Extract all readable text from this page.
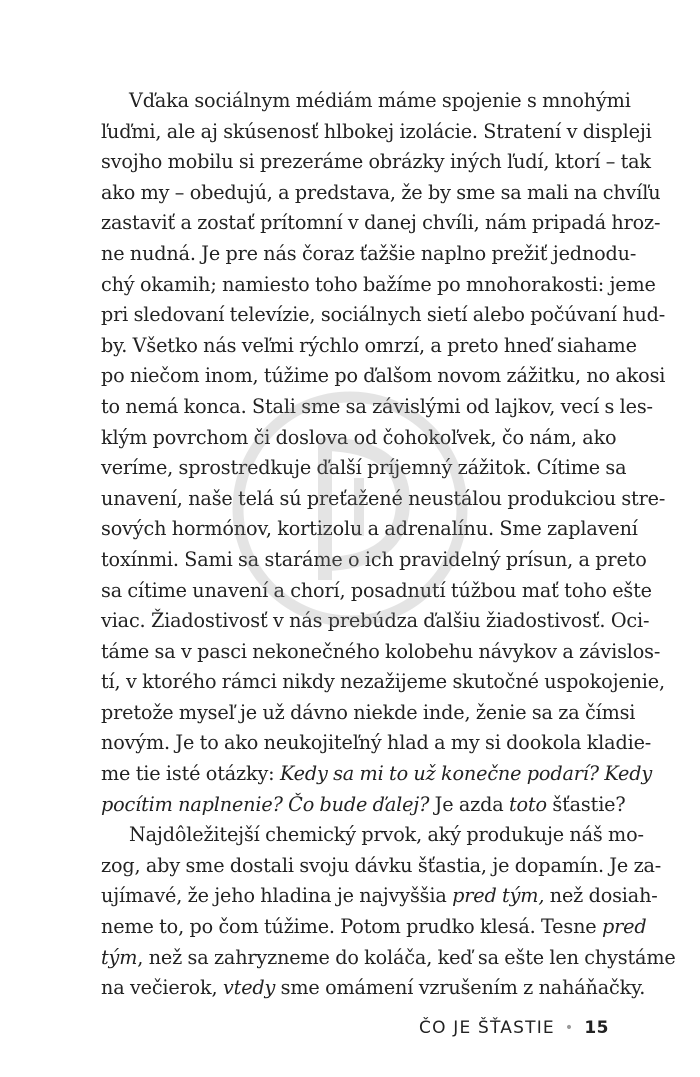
Vďaka sociálnym médiám máme spojenie s mnohými
ľuďmi, ale aj skúsenosť hlbokej izolácie. Stratení v displeji
svojho mobilu si prezeráme obrázky iných ľudí, ktorí – tak
ako my – obedujú, a predstava, že by sme sa mali na chvíľu
zastaviť a zostať prítomní v danej chvíli, nám pripadá hroz-
ne nudná. Je pre nás čoraz ťažšie naplno prežiť jednodu-
chý okamih; namiesto toho bažíme po mnohorakosti: jeme
pri sledovaní televízie, sociálnych sietí alebo počúvaní hud-
by. Všetko nás veľmi rýchlo omrzí, a preto hneď siahame
po niečom inom, túžime po ďalšom novom zážitku, no akosi
to nemá konca. Stali sme sa závislými od lajkov, vecí s les-
klým povrchom či doslova od čohokoľvek, čo nám, ako
veríme, sprostredkuje ďalší príjemný zážitok. Cítime sa
unavení, naše telá sú preťažené neustálou produkciou stre-
sových hormónov, kortizolu a adrenalínu. Sme zaplavení
toxínmi. Sami sa staráme o ich pravidelný prísun, a preto
sa cítime unavení a chorí, posadnutí túžbou mať toho ešte
viac. Žiadostivosť v nás prebúdza ďalšiu žiadostivosť. Oci-
táme sa v pasci nekonečného kolobehu návykov a závislos-
tí, v ktorého rámci nikdy nezažijeme skutočné uspokojenie,
pretože myseľ je už dávno niekde inde, ženie sa za čímsi
novým. Je to ako neukojiteľný hlad a my si dookola kladie-
me tie isté otázky: Kedy sa mi to už konečne podarí? Kedy
pocítim naplnenie? Čo bude ďalej? Je azda toto šťastie?

Najdôležitejší chemický prvok, aký produkuje náš mo-
zog, aby sme dostali svoju dávku šťastia, je dopamín. Je za-
ujímavé, že jeho hladina je najvyššia pred tým, než dosiah-
neme to, po čom túžime. Potom prudko klesá. Tesne pred
tým, než sa zahryzneme do koláča, keď sa ešte len chystáme
na večierok, vtedy sme omámení vzrušením z naháňačky.

ČO JE ŠŤASTIE • 15
